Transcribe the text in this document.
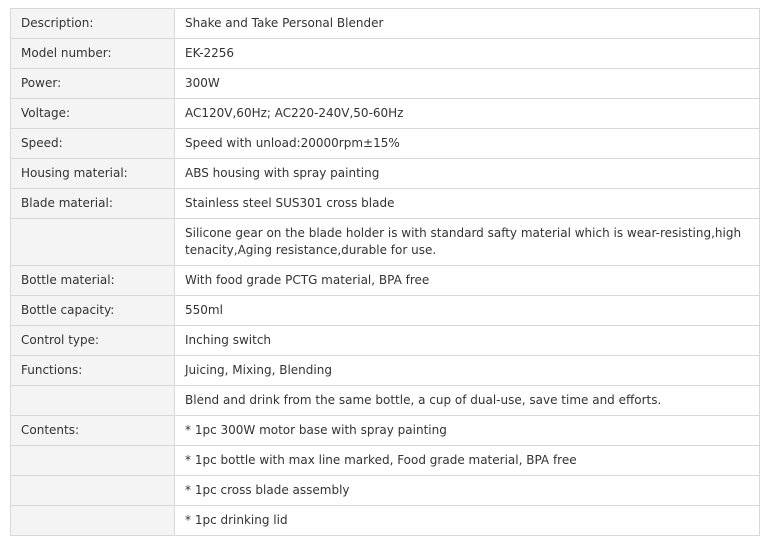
Description:	Shake and Take Personal Blender
Model number:	EK-2256
Power:	300W
Voltage:	AC120V,60Hz; AC220-240V,50-60Hz
Speed:	Speed with unload:20000rpm±15%
Housing material:	ABS housing with spray painting
Blade material:	Stainless steel SUS301 cross blade
	Silicone gear on the blade holder is with standard safty material which is wear-resisting,high tenacity,Aging resistance,durable for use.
Bottle material:	With food grade PCTG material, BPA free
Bottle capacity:	550ml
Control type:	Inching switch
Functions:	Juicing, Mixing, Blending
	Blend and drink from the same bottle, a cup of dual-use, save time and efforts.
Contents:	* 1pc 300W motor base with spray painting
	* 1pc bottle with max line marked, Food grade material, BPA free
	* 1pc cross blade assembly
	* 1pc drinking lid
